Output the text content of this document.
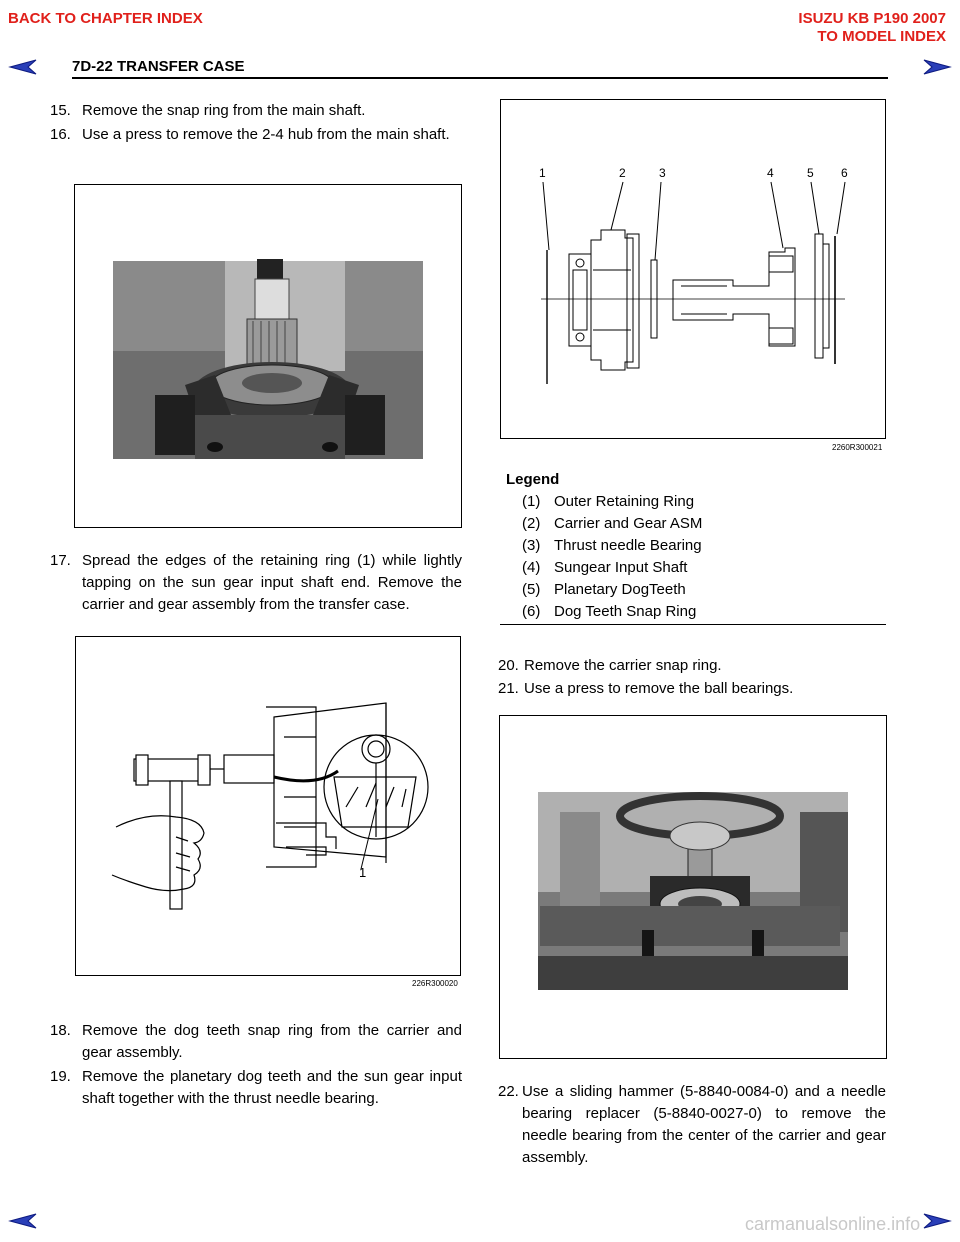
BACK TO CHAPTER INDEX	ISUZU KB P190 2007
TO MODEL INDEX
7D-22 TRANSFER CASE
15. Remove the snap ring from the main shaft.
16. Use a press to remove the 2-4 hub from the main shaft.
17. Spread the edges of the retaining ring (1) while lightly tapping on the sun gear input shaft end. Remove the carrier and gear assembly from the transfer case.
1
226R300020
18. Remove the dog teeth snap ring from the carrier and gear assembly.
19. Remove the planetary dog teeth and the sun gear input shaft together with the thrust needle bearing.
1	2	3	4	5 6
2260R300021
Legend
(1) Outer Retaining Ring
(2) Carrier and Gear ASM
(3) Thrust needle Bearing
(4) Sungear Input Shaft
(5) Planetary DogTeeth
(6) Dog Teeth Snap Ring
20. Remove the carrier snap ring.
21. Use a press to remove the ball bearings.
22. Use a sliding hammer (5-8840-0084-0) and a needle bearing replacer (5-8840-0027-0) to remove the needle bearing from the center of the carrier and gear assembly.
carmanualsonline.info
